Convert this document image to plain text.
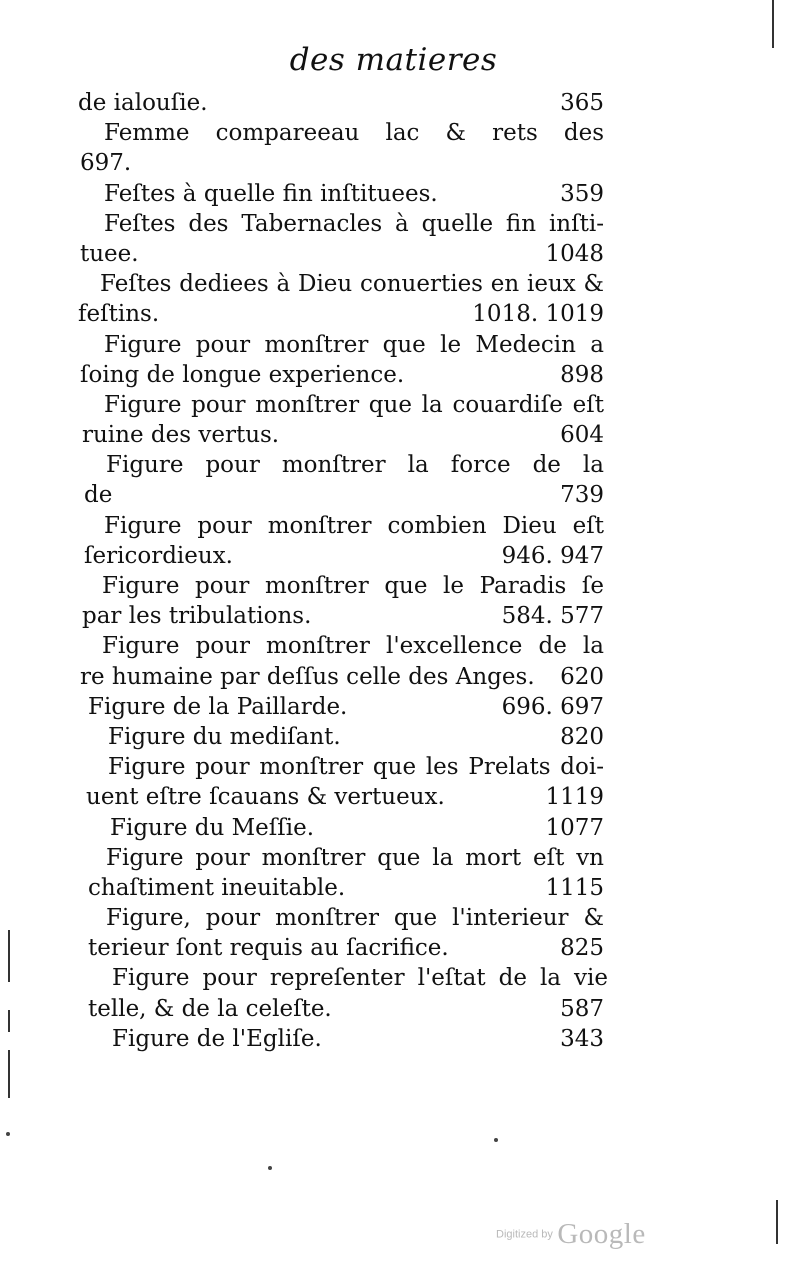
des matieres
de ialouſie.	365
Femme compareeau lac & rets des
697.
Feſtes à quelle fin inſtituees.	359
Feſtes des Tabernacles à quelle fin inſti-
tuee.	1048
Feſtes dediees à Dieu conuerties en ieux &
feſtins.	1018. 1019
Figure pour monſtrer que le Medecin a
ſoing de longue experience.	898
Figure pour monſtrer que la couardiſe eſt
ruine des vertus.	604
Figure pour monſtrer la force de la
de	739
Figure pour monſtrer combien Dieu eſt
ſericordieux.	946. 947
Figure pour monſtrer que le Paradis ſe
par les tribulations.	584. 577
Figure pour monſtrer l'excellence de la
re humaine par deſſus celle des Anges. 620
Figure de la Paillarde.	696. 697
Figure du mediſant.	820
Figure pour monſtrer que les Prelats doi-
uent eſtre ſcauans & vertueux.	1119
Figure du Meſſie.	1077
Figure pour monſtrer que la mort eſt vn
chaſtiment ineuitable.	1115
Figure, pour monſtrer que l'interieur &
terieur ſont requis au ſacrifice.	825
Figure pour repreſenter l'eſtat de la vie
telle, & de la celeſte.	587
Figure de l'Egliſe.	343
Digitized by Google
